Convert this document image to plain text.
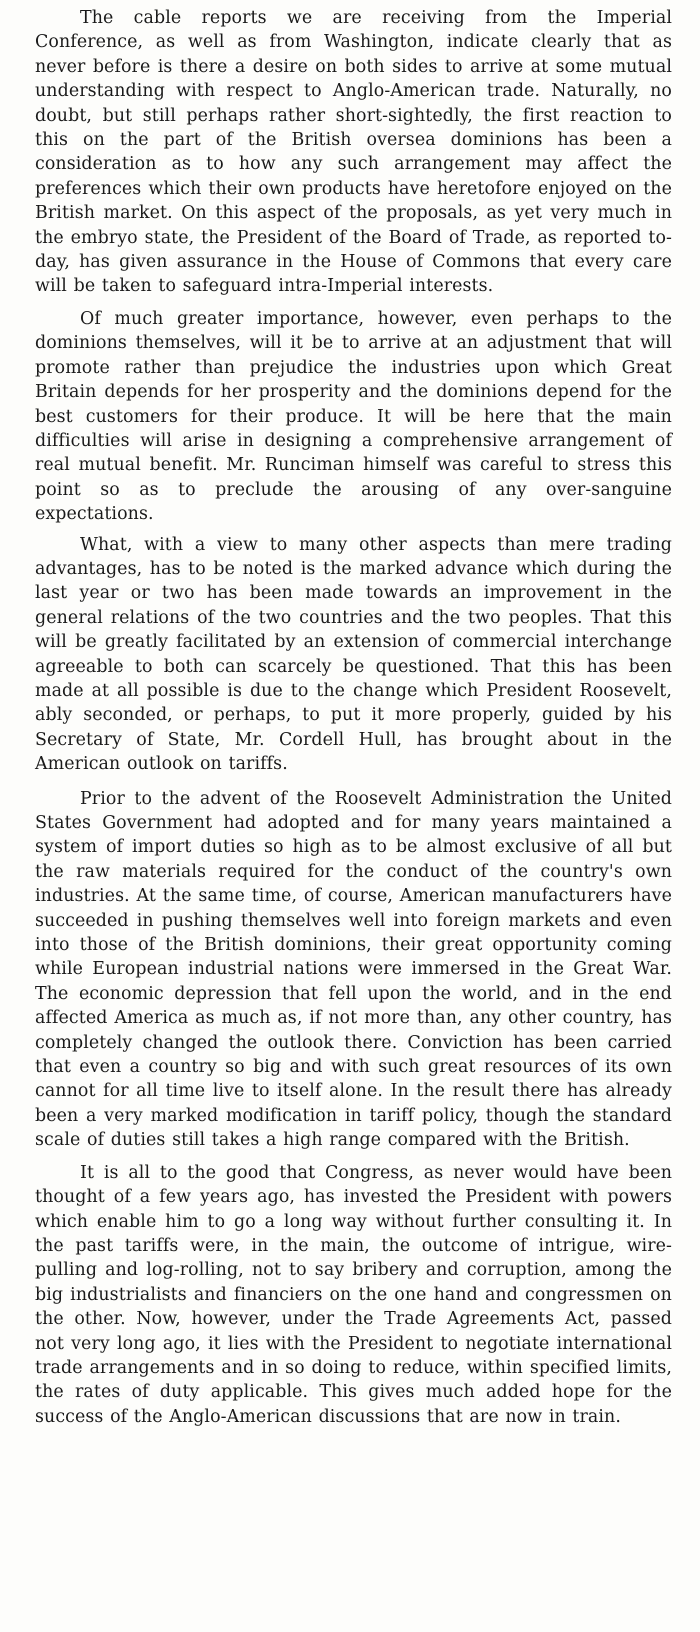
The cable reports we are receiving from the Imperial Conference, as well as from Washington, indicate clearly that as never before is there a desire on both sides to arrive at some mutual understanding with respect to Anglo-American trade. Naturally, no doubt, but still perhaps rather short-sightedly, the first reaction to this on the part of the British oversea dominions has been a consideration as to how any such arrangement may affect the preferences which their own products have heretofore enjoyed on the British market. On this aspect of the proposals, as yet very much in the embryo state, the President of the Board of Trade, as reported to-day, has given assurance in the House of Commons that every care will be taken to safeguard intra-Imperial interests.

Of much greater importance, however, even perhaps to the dominions themselves, will it be to arrive at an adjustment that will promote rather than prejudice the industries upon which Great Britain depends for her prosperity and the dominions depend for the best customers for their produce. It will be here that the main difficulties will arise in designing a comprehensive arrangement of real mutual benefit. Mr. Runciman himself was careful to stress this point so as to preclude the arousing of any over-sanguine expectations.

What, with a view to many other aspects than mere trading advantages, has to be noted is the marked advance which during the last year or two has been made towards an improvement in the general relations of the two countries and the two peoples. That this will be greatly facilitated by an extension of commercial interchange agreeable to both can scarcely be questioned. That this has been made at all possible is due to the change which President Roosevelt, ably seconded, or perhaps, to put it more properly, guided by his Secretary of State, Mr. Cordell Hull, has brought about in the American outlook on tariffs.

Prior to the advent of the Roosevelt Administration the United States Government had adopted and for many years maintained a system of import duties so high as to be almost exclusive of all but the raw materials required for the conduct of the country's own industries. At the same time, of course, American manufacturers have succeeded in pushing themselves well into foreign markets and even into those of the British dominions, their great opportunity coming while European industrial nations were immersed in the Great War. The economic depression that fell upon the world, and in the end affected America as much as, if not more than, any other country, has completely changed the outlook there. Conviction has been carried that even a country so big and with such great resources of its own cannot for all time live to itself alone. In the result there has already been a very marked modification in tariff policy, though the standard scale of duties still takes a high range compared with the British.

It is all to the good that Congress, as never would have been thought of a few years ago, has invested the President with powers which enable him to go a long way without further consulting it. In the past tariffs were, in the main, the outcome of intrigue, wire-pulling and log-rolling, not to say bribery and corruption, among the big industrialists and financiers on the one hand and congressmen on the other. Now, however, under the Trade Agreements Act, passed not very long ago, it lies with the President to negotiate international trade arrangements and in so doing to reduce, within specified limits, the rates of duty applicable. This gives much added hope for the success of the Anglo-American discussions that are now in train.
